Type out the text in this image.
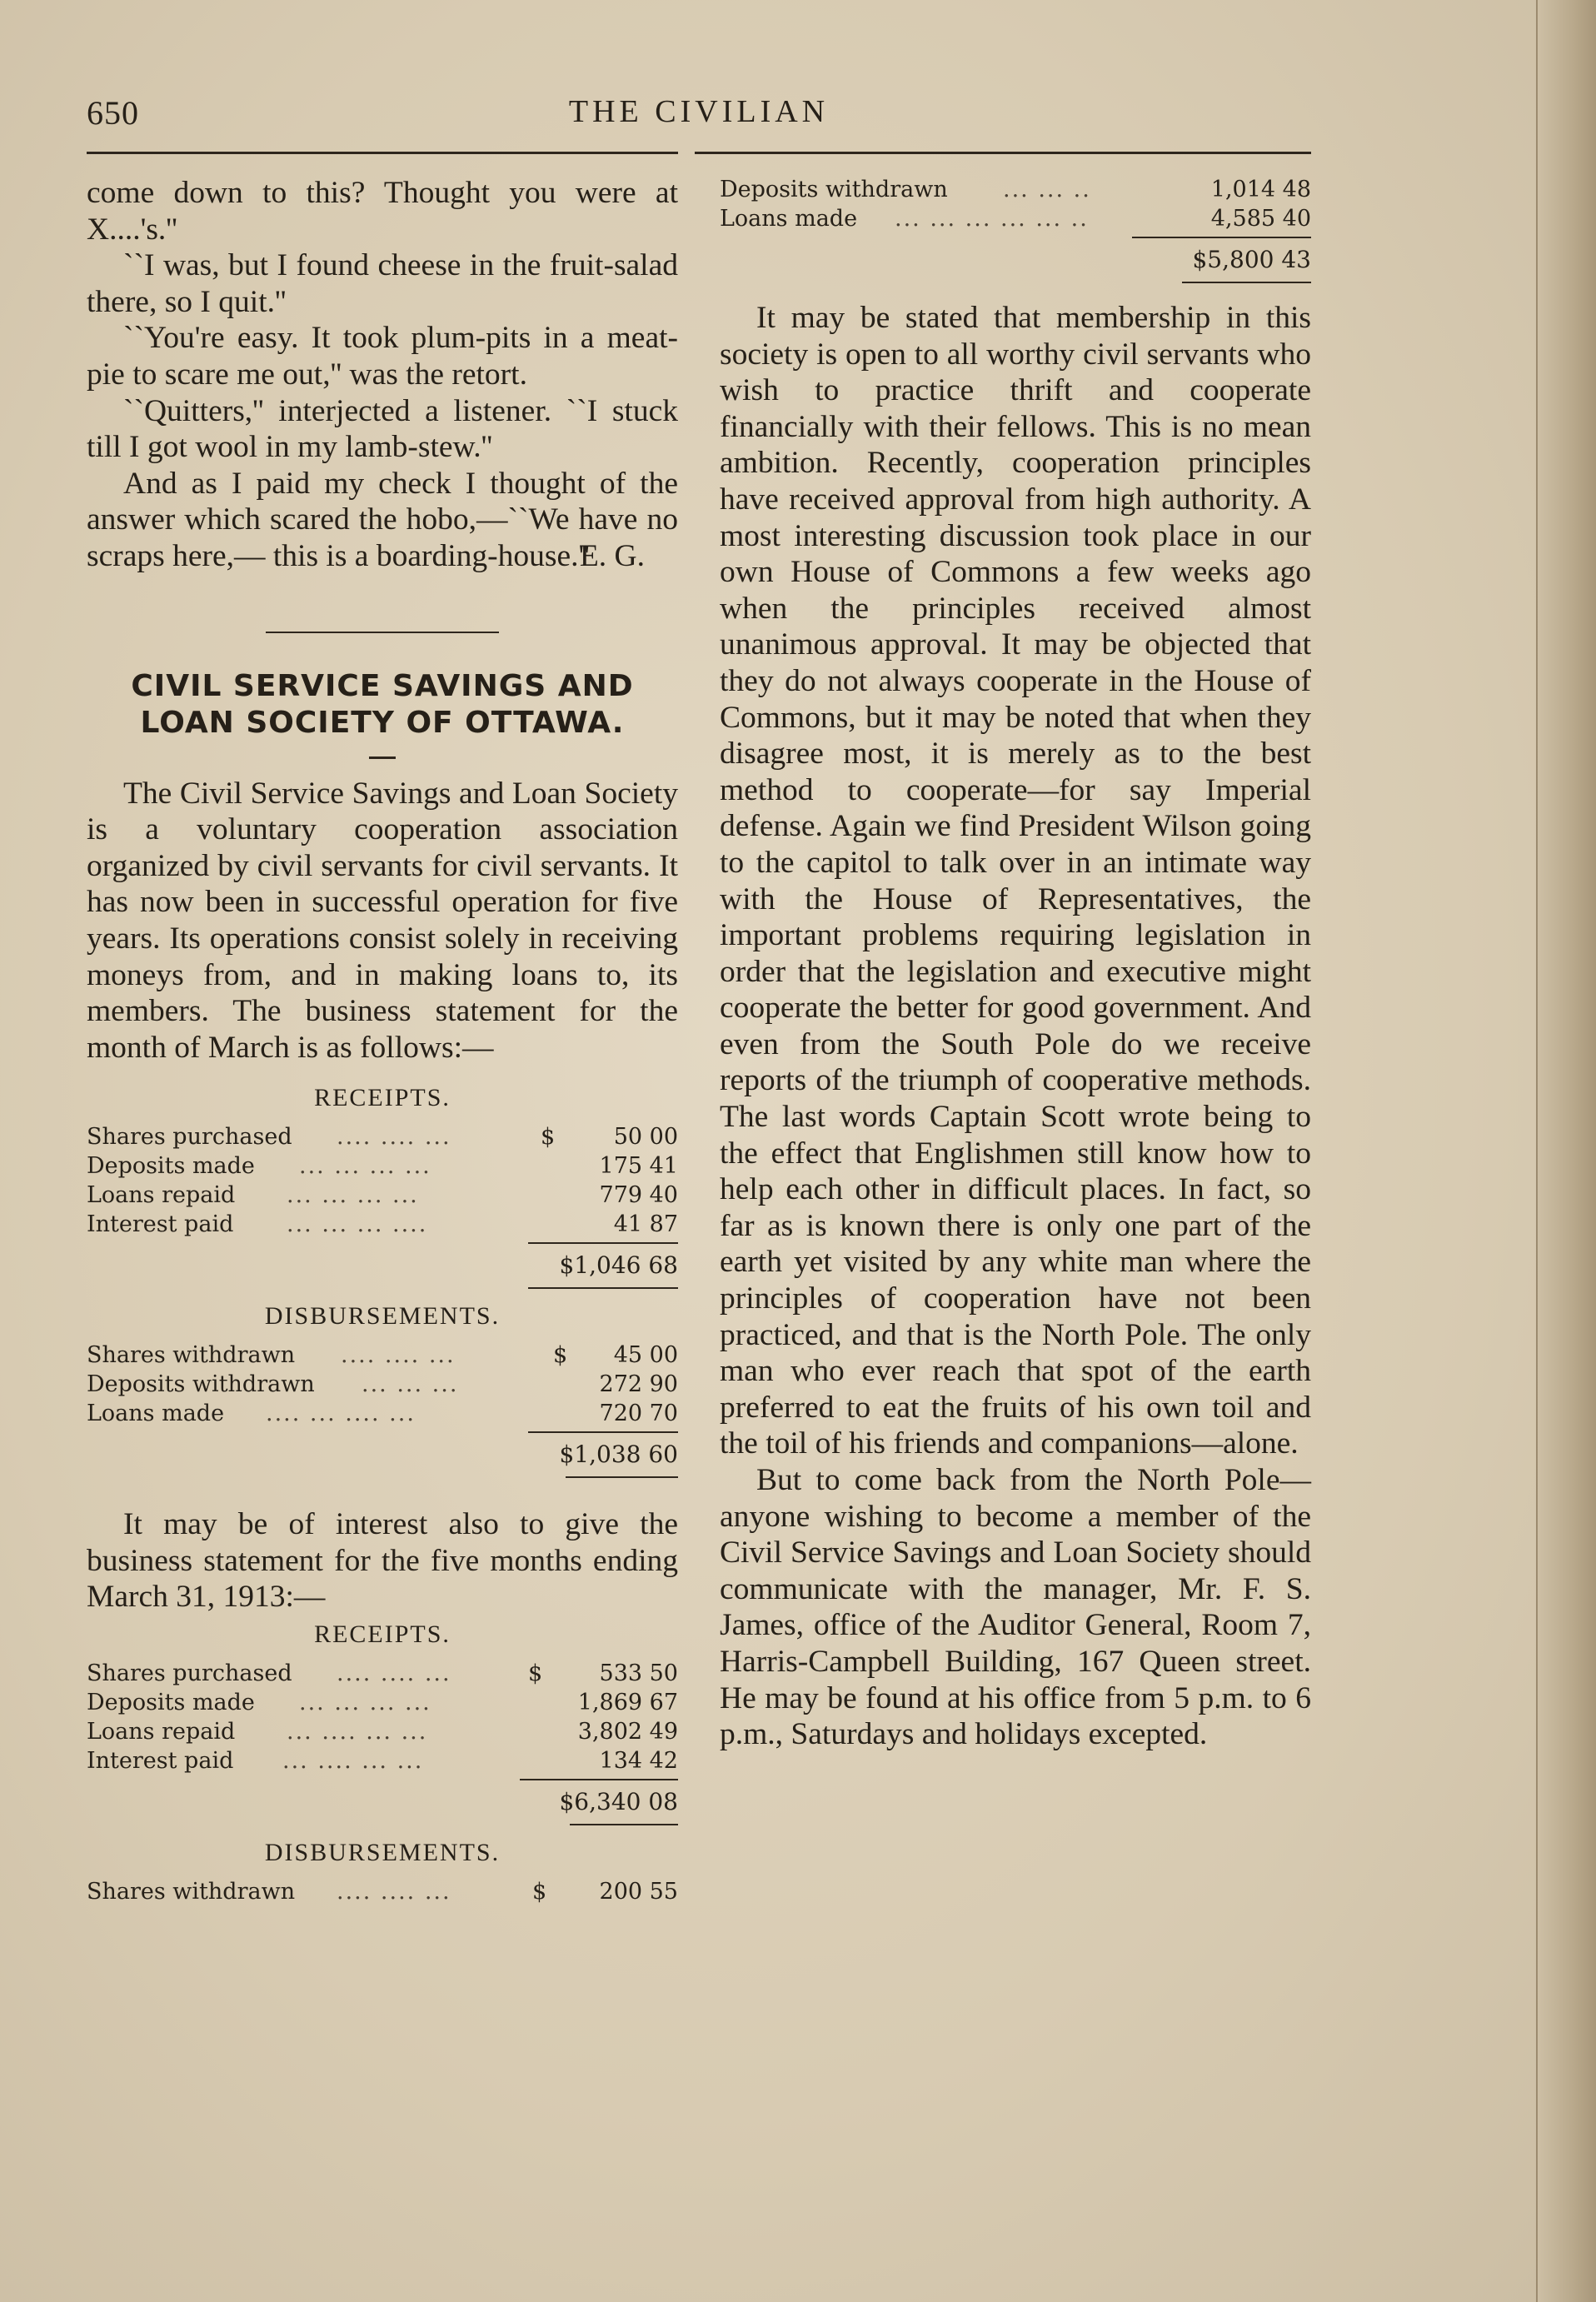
650	THE CIVILIAN

come down to this? Thought you were at X....'s.''

``I was, but I found cheese in the fruit-salad there, so I quit.''

``You're easy. It took plum-pits in a meat-pie to scare me out,'' was the retort.

``Quitters,'' interjected a listener. ``I stuck till I got wool in my lamb-stew.''

And as I paid my check I thought of the answer which scared the hobo,—``We have no scraps here,— this is a boarding-house.''
E. G.

CIVIL SERVICE SAVINGS AND
LOAN SOCIETY OF OTTAWA.

The Civil Service Savings and Loan Society is a voluntary cooperation association organized by civil servants for civil servants. It has now been in successful operation for five years. Its operations consist solely in receiving moneys from, and in making loans to, its members. The business statement for the month of March is as follows:—

RECEIPTS.
Shares purchased .... .... ...	$	50 00
Deposits made ... ... ... ...	175 41
Loans repaid ... ... ... ...	779 40
Interest paid ... ... ... ....	41 87
$1,046 68
DISBURSEMENTS.
Shares withdrawn .... .... ...	$ 45 00
Deposits withdrawn ... ... ...	272 90
Loans made .... ... .... ...	720 70
$1,038 60

It may be of interest also to give the business statement for the five months ending March 31, 1913:—

RECEIPTS.
Shares purchased .... .... ...	$	533 50
Deposits made ... ... ... ...	1,869 67
Loans repaid ... .... ... ...	3,802 49
Interest paid ... .... ... ...	134 42
$6,340 08
DISBURSEMENTS.
Shares withdrawn .... .... ...	$ 200 55
Deposits withdrawn ... ... ..	1,014 48
Loans made ... ... ... ... ... ..	4,585 40
$5,800 43

It may be stated that membership in this society is open to all worthy civil servants who wish to practice thrift and cooperate financially with their fellows. This is no mean ambition. Recently, cooperation principles have received approval from high authority. A most interesting discussion took place in our own House of Commons a few weeks ago when the principles received almost unanimous approval. It may be objected that they do not always cooperate in the House of Commons, but it may be noted that when they disagree most, it is merely as to the best method to cooperate—for say Imperial defense. Again we find President Wilson going to the capitol to talk over in an intimate way with the House of Representatives, the important problems requiring legislation in order that the legislation and executive might cooperate the better for good government. And even from the South Pole do we receive reports of the triumph of cooperative methods. The last words Captain Scott wrote being to the effect that Englishmen still know how to help each other in difficult places. In fact, so far as is known there is only one part of the earth yet visited by any white man where the principles of cooperation have not been practiced, and that is the North Pole. The only man who ever reach that spot of the earth preferred to eat the fruits of his own toil and the toil of his friends and companions—alone.

But to come back from the North Pole—anyone wishing to become a member of the Civil Service Savings and Loan Society should communicate with the manager, Mr. F. S. James, office of the Auditor General, Room 7, Harris-Campbell Building, 167 Queen street. He may be found at his office from 5 p.m. to 6 p.m., Saturdays and holidays excepted.
